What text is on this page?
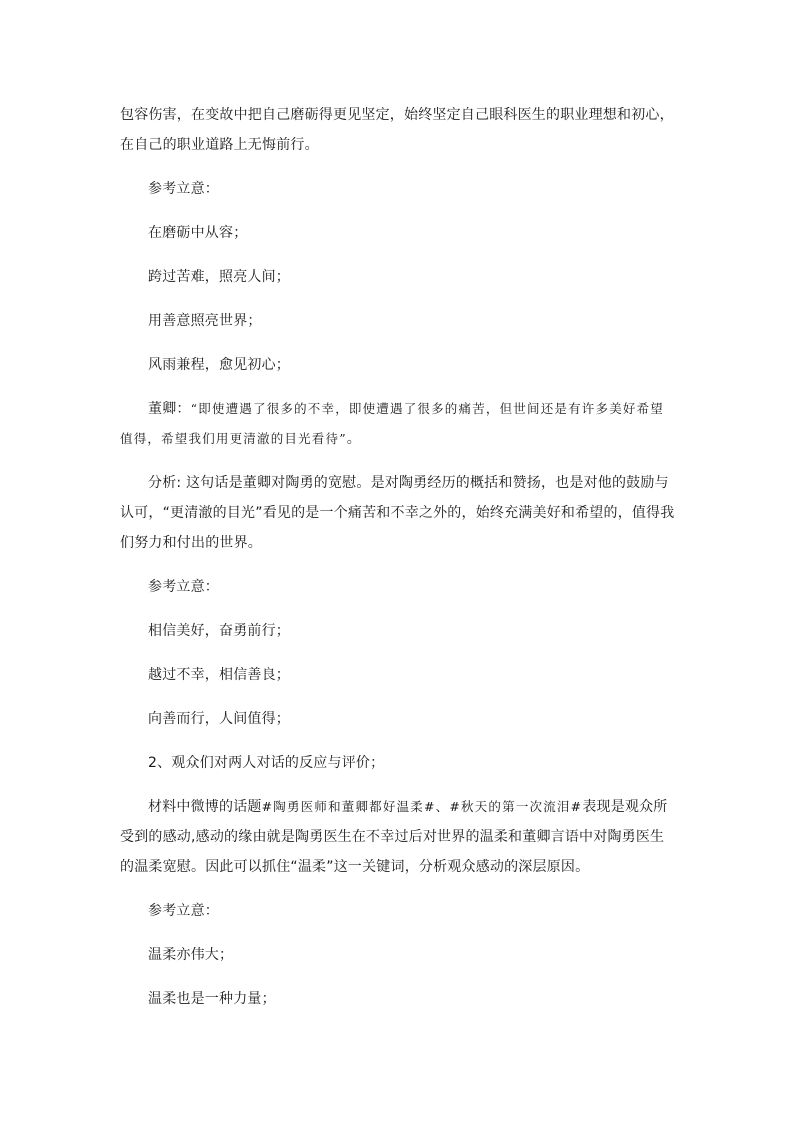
包容伤害，在变故中把自己磨砺得更见坚定，始终坚定自己眼科医生的职业理想和初心，在自己的职业道路上无悔前行。

参考立意：

在磨砺中从容；

跨过苦难，照亮人间；

用善意照亮世界；

风雨兼程，愈见初心；

董卿：“即使遭遇了很多的不幸，即使遭遇了很多的痛苦，但世间还是有许多美好希望值得，希望我们用更清澈的目光看待”。

分析: 这句话是董卿对陶勇的宽慰。是对陶勇经历的概括和赞扬，也是对他的鼓励与认可，“更清澈的目光”看见的是一个痛苦和不幸之外的，始终充满美好和希望的，值得我们努力和付出的世界。

参考立意：

相信美好，奋勇前行；

越过不幸，相信善良；

向善而行，人间值得；

2、观众们对两人对话的反应与评价；

材料中微博的话题#陶勇医师和董卿都好温柔#、#秋天的第一次流泪#表现是观众所受到的感动,感动的缘由就是陶勇医生在不幸过后对世界的温柔和董卿言语中对陶勇医生的温柔宽慰。因此可以抓住“温柔”这一关键词，分析观众感动的深层原因。

参考立意：

温柔亦伟大；

温柔也是一种力量；
